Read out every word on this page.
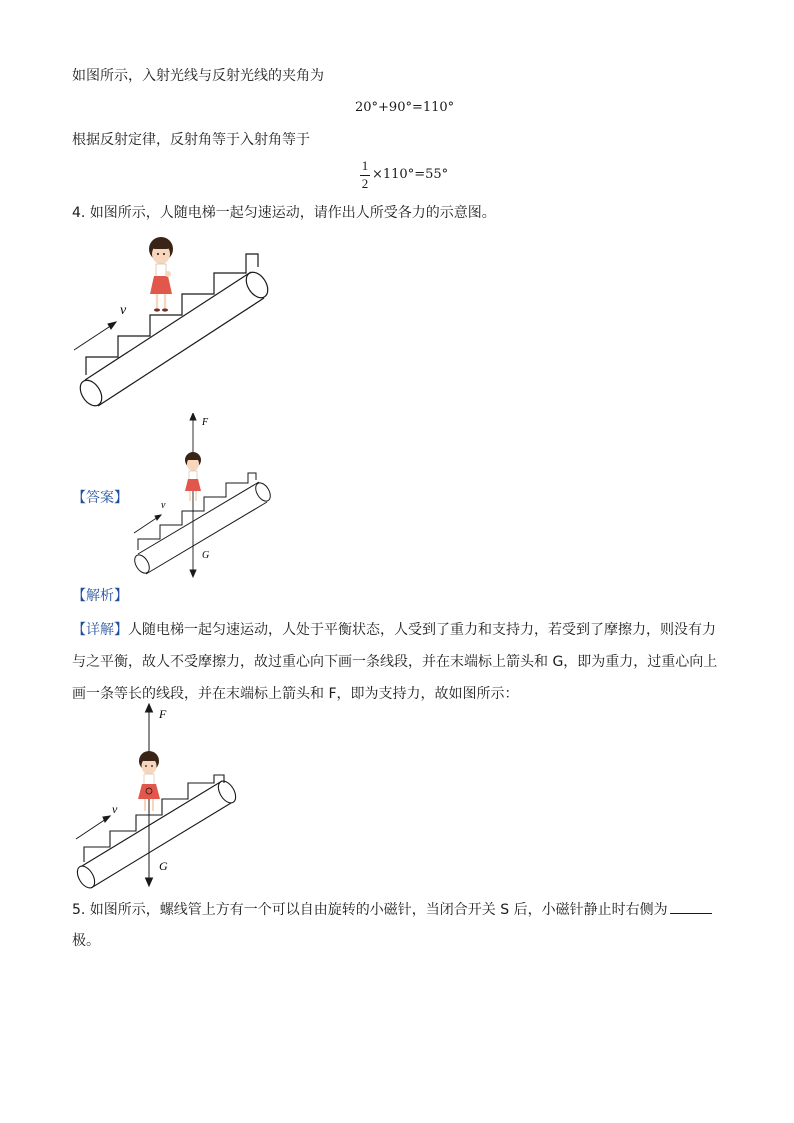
如图所示，入射光线与反射光线的夹角为
20°+90°=110°
根据反射定律，反射角等于入射角等于
1
2
×110°=55°
4. 如图所示，人随电梯一起匀速运动，请作出人所受各力的示意图。
v
【答案】	v
F
G
【解析】
【详解】人随电梯一起匀速运动，人处于平衡状态，人受到了重力和支持力，若受到了摩擦力，则没有力
与之平衡，故人不受摩擦力，故过重心向下画一条线段，并在末端标上箭头和 G，即为重力，过重心向上
画一条等长的线段，并在末端标上箭头和 F，即为支持力，故如图所示：
v
F
G
5. 如图所示，螺线管上方有一个可以自由旋转的小磁针，当闭合开关 S 后，小磁针静止时右侧为
极。
